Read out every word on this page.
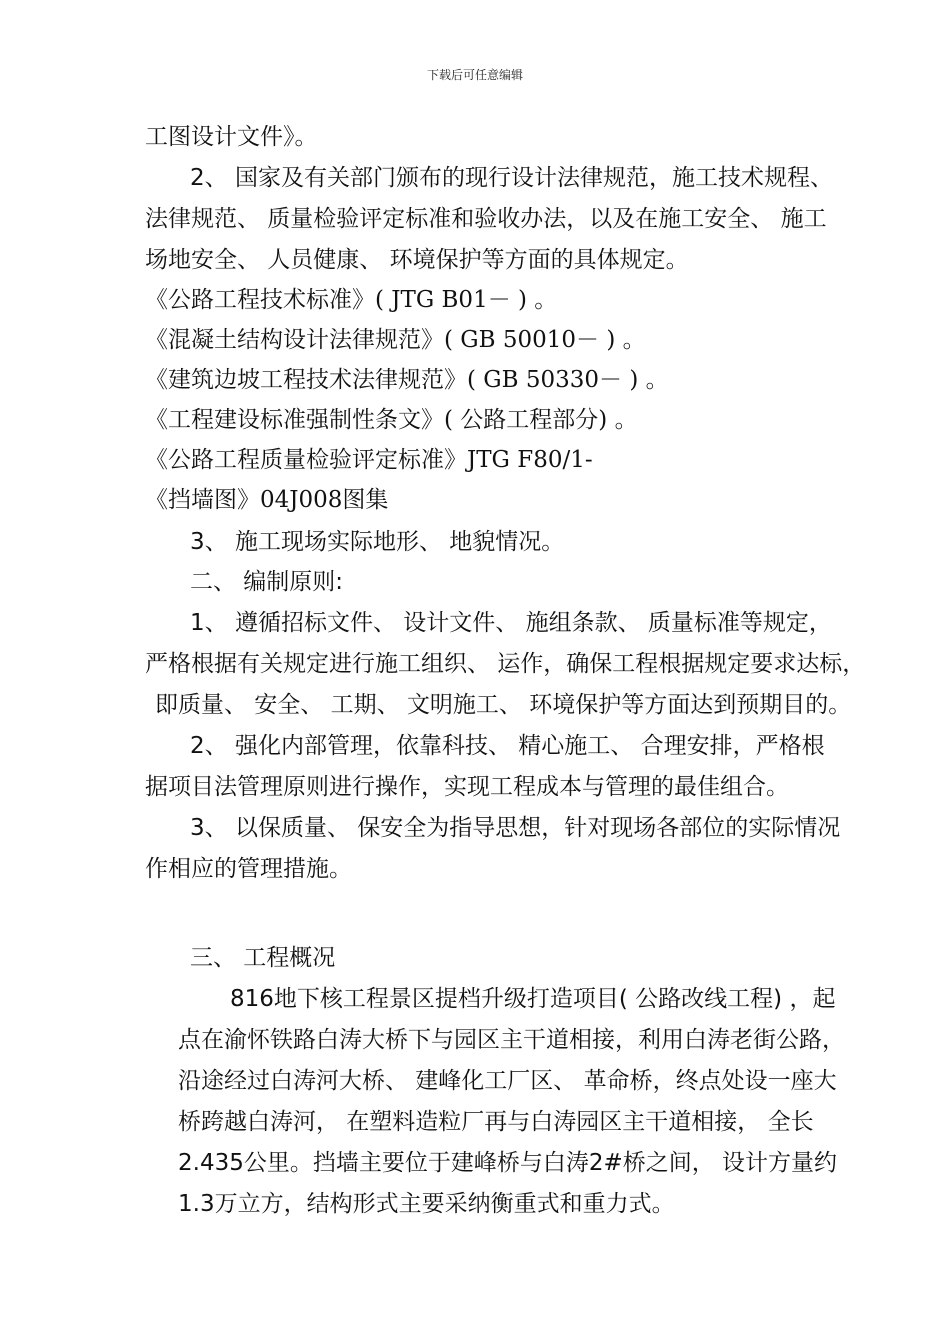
下载后可任意编辑
工图设计文件》。
2、 国家及有关部门颁布的现行设计法律规范，施工技术规程、
法律规范、 质量检验评定标准和验收办法，以及在施工安全、 施工
场地安全、 人员健康、 环境保护等方面的具体规定。
《公路工程技术标准》( JTG B01－ ) 。
《混凝土结构设计法律规范》( GB 50010－ ) 。
《建筑边坡工程技术法律规范》( GB 50330－ ) 。
《工程建设标准强制性条文》( 公路工程部分) 。
《公路工程质量检验评定标准》JTG F80/1-
《挡墙图》04J008图集
3、 施工现场实际地形、 地貌情况。
二、 编制原则:
1、 遵循招标文件、 设计文件、 施组条款、 质量标准等规定，
严格根据有关规定进行施工组织、 运作，确保工程根据规定要求达标，
即质量、 安全、 工期、 文明施工、 环境保护等方面达到预期目的。
2、 强化内部管理，依靠科技、 精心施工、 合理安排，严格根
据项目法管理原则进行操作，实现工程成本与管理的最佳组合。
3、 以保质量、 保安全为指导思想，针对现场各部位的实际情况
作相应的管理措施。
三、 工程概况
816地下核工程景区提档升级打造项目( 公路改线工程) ，起
点在渝怀铁路白涛大桥下与园区主干道相接，利用白涛老街公路，
沿途经过白涛河大桥、 建峰化工厂区、 革命桥，终点处设一座大
桥跨越白涛河， 在塑料造粒厂再与白涛园区主干道相接， 全长
2.435公里。挡墙主要位于建峰桥与白涛2#桥之间， 设计方量约
1.3万立方，结构形式主要采纳衡重式和重力式。
